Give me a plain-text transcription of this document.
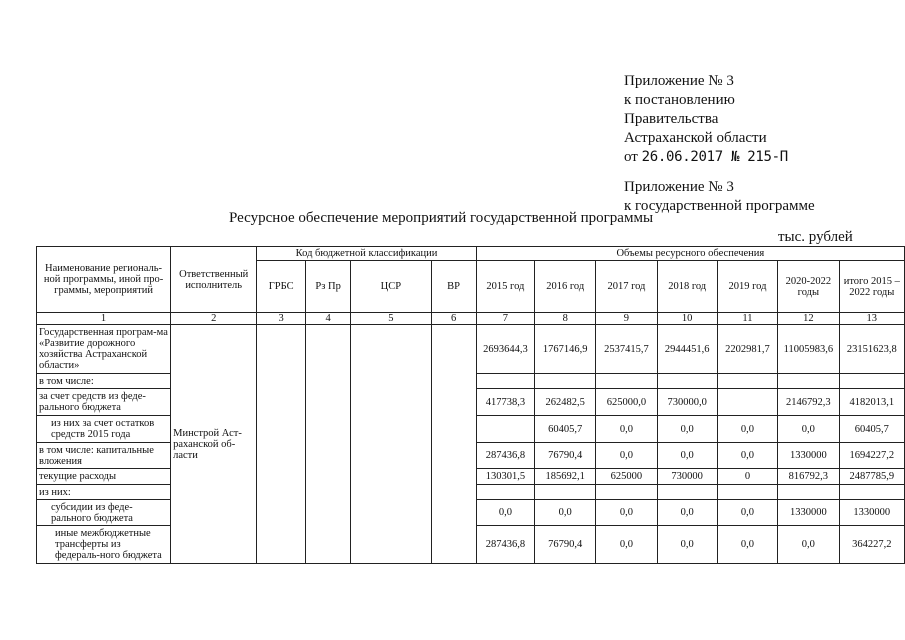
Приложение № 3
к постановлению
Правительства
Астраханской области
от 26.06.2017 № 215-П
Приложение № 3
к государственной программе
Ресурсное обеспечение мероприятий государственной программы
тыс. рублей
Наименование региональ-ной программы, иной про-граммы, мероприятий	Ответственный исполнитель	Код бюджетной классификации				Объемы ресурсного обеспечения						
		ГРБС	Рз Пр	ЦСР	ВР	2015 год	2016 год	2017 год	2018 год	2019 год	2020-2022 годы	итого 2015 – 2022 годы
1	2	3	4	5	6	7	8	9	10	11	12	13
Государственная програм-ма «Развитие дорожного хозяйства Астраханской области»	Минстрой Аст-раханской об-ласти					2693644,3	1767146,9	2537415,7	2944451,6	2202981,7	11005983,6	23151623,8
в том числе:												
за счет средств из феде-рального бюджета						417738,3	262482,5	625000,0	730000,0		2146792,3	4182013,1
из них за счет остатков средств 2015 года							60405,7	0,0	0,0	0,0	0,0	60405,7
в том числе: капитальные вложения						287436,8	76790,4	0,0	0,0	0,0	1330000	1694227,2
текущие расходы						130301,5	185692,1	625000	730000	0	816792,3	2487785,9
из них:												
субсидии из феде-рального бюджета						0,0	0,0	0,0	0,0	0,0	1330000	1330000
иные межбюджетные трансферты из федераль-ного бюджета						287436,8	76790,4	0,0	0,0	0,0	0,0	364227,2
